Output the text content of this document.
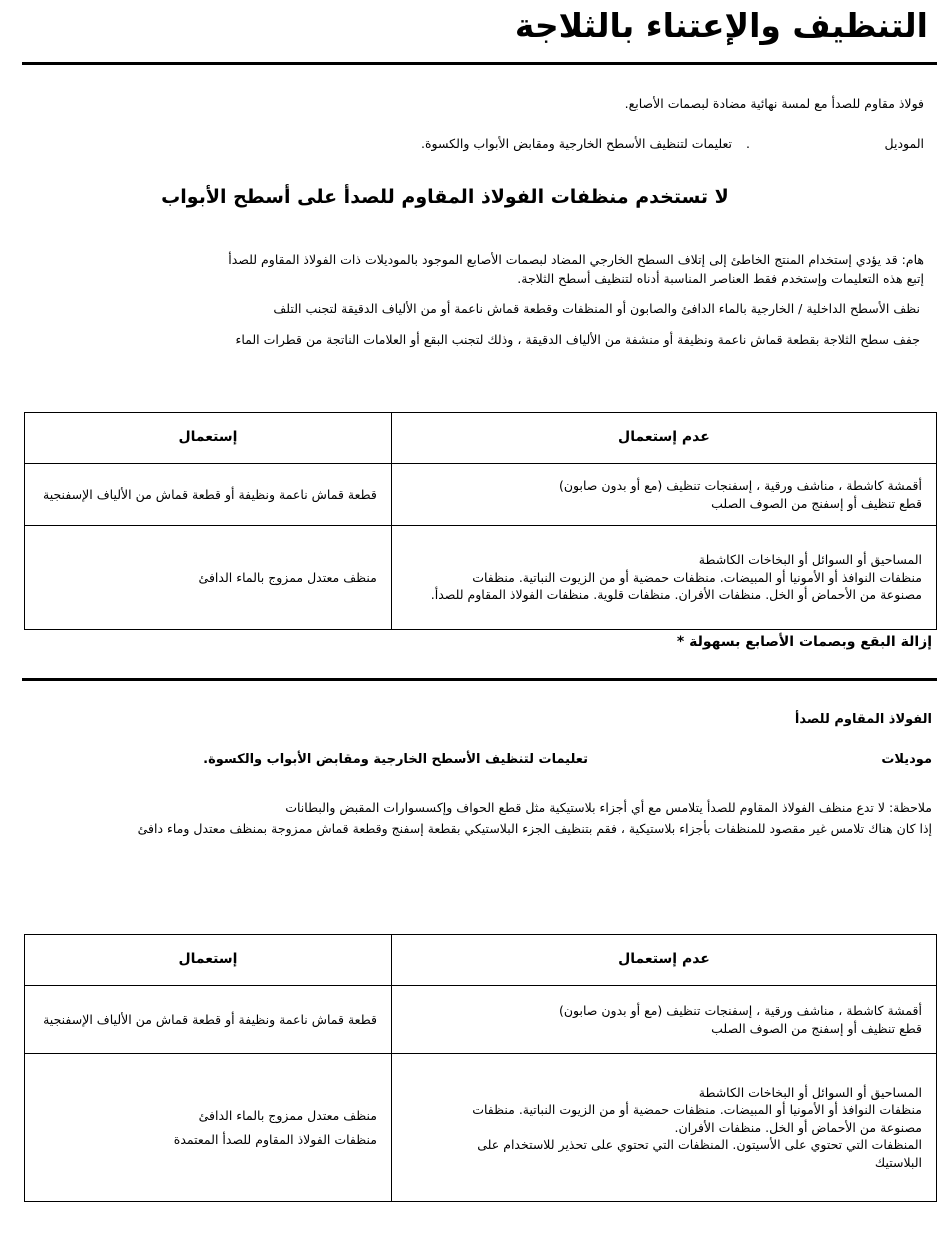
التنظيف والإعتناء بالثلاجة
فولاذ مقاوم للصدأ مع لمسة نهائية مضادة لبصمات الأصابع.
الموديل
.
تعليمات لتنظيف الأسطح الخارجية ومقابض الأبواب والكسوة.
لا تستخدم منظفات الفولاذ المقاوم للصدأ على أسطح الأبواب
هام: قد يؤدي إستخدام المنتج الخاطئ إلى إتلاف السطح الخارجي المضاد لبصمات الأصابع الموجود بالموديلات ذات الفولاذ المقاوم للصدأ
إتبع هذه التعليمات وإستخدم فقط العناصر المناسبة أدناه لتنظيف أسطح الثلاجة.
نظف الأسطح الداخلية / الخارجية بالماء الدافئ والصابون أو المنظفات وقطعة قماش ناعمة أو من الألياف الدقيقة لتجنب التلف
جفف سطح الثلاجة بقطعة قماش ناعمة ونظيفة أو منشفة من الألياف الدقيقة ، وذلك لتجنب البقع أو العلامات الناتجة من قطرات الماء
عدم إستعمال	إستعمال

أقمشة كاشطة ، مناشف ورقية ، إسفنجات تنظيف (مع أو بدون صابون)
قطع تنظيف أو إسفنج من الصوف الصلب	قطعة قماش ناعمة ونظيفة أو قطعة قماش من الألياف الإسفنجية

المساحيق أو السوائل أو البخاخات الكاشطة
منظفات النوافذ أو الأمونيا أو المبيضات. منظفات حمضية أو من الزيوت النباتية. منظفات
مصنوعة من الأحماض أو الخل. منظفات الأفران. منظفات قلوية. منظفات الفولاذ المقاوم للصدأ.	منظف معتدل ممزوج بالماء الدافئ
إزالة البقع وبصمات الأصابع بسهولة *
الفولاذ المقاوم للصدأ
موديلات
تعليمات لتنظيف الأسطح الخارجية ومقابض الأبواب والكسوة.
ملاحظة: لا تدع منظف الفولاذ المقاوم للصدأ يتلامس مع أي أجزاء بلاستيكية مثل قطع الحواف وإكسسوارات المقبض والبطانات
إذا كان هناك تلامس غير مقصود للمنظفات بأجزاء بلاستيكية ، فقم بتنظيف الجزء البلاستيكي بقطعة إسفنج وقطعة قماش ممزوجة بمنظف معتدل وماء دافئ
عدم إستعمال	إستعمال

أقمشة كاشطة ، مناشف ورقية ، إسفنجات تنظيف (مع أو بدون صابون)
قطع تنظيف أو إسفنج من الصوف الصلب	قطعة قماش ناعمة ونظيفة أو قطعة قماش من الألياف الإسفنجية

المساحيق أو السوائل أو البخاخات الكاشطة
منظفات النوافذ أو الأمونيا أو المبيضات. منظفات حمضية أو من الزيوت النباتية. منظفات
مصنوعة من الأحماض أو الخل. منظفات الأفران.
المنظفات التي تحتوي على الأسيتون. المنظفات التي تحتوي على تحذير للاستخدام على
البلاستيك	منظف معتدل ممزوج بالماء الدافئ
منظفات الفولاذ المقاوم للصدأ المعتمدة
